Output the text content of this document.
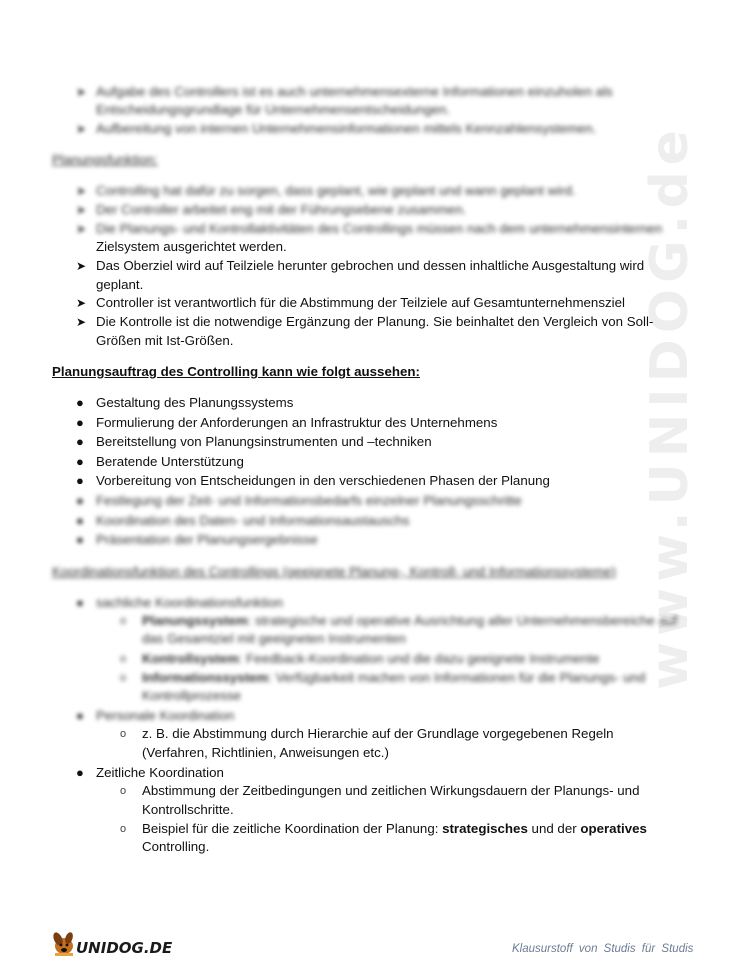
www.UNIDOG.de
➤ Aufgabe des Controllers ist es auch unternehmensexterne Informationen einzuholen als
Entscheidungsgrundlage für Unternehmensentscheidungen.
➤ Aufbereitung von internen Unternehmensinformationen mittels Kennzahlensystemen.
Planungsfunktion:
➤ Controlling hat dafür zu sorgen, dass geplant, wie geplant und wann geplant wird.
➤ Der Controller arbeitet eng mit der Führungsebene zusammen.
➤ Die Planungs- und Kontrollaktivitäten des Controllings müssen nach dem unternehmensinternen
Zielsystem ausgerichtet werden.
➤ Das Oberziel wird auf Teilziele herunter gebrochen und dessen inhaltliche Ausgestaltung wird
geplant.
➤ Controller ist verantwortlich für die Abstimmung der Teilziele auf Gesamtunternehmensziel
➤ Die Kontrolle ist die notwendige Ergänzung der Planung. Sie beinhaltet den Vergleich von Soll-
Größen mit Ist-Größen.
Planungsauftrag des Controlling kann wie folgt aussehen:
● Gestaltung des Planungssystems
● Formulierung der Anforderungen an Infrastruktur des Unternehmens
● Bereitstellung von Planungsinstrumenten und –techniken
● Beratende Unterstützung
● Vorbereitung von Entscheidungen in den verschiedenen Phasen der Planung
● Festlegung der Zeit- und Informationsbedarfs einzelner Planungsschritte
● Koordination des Daten- und Informationsaustauschs
● Präsentation der Planungsergebnisse
Koordinationsfunktion des Controllings (geeignete Planung-, Kontroll- und Informationssysteme)
● sachliche Koordinationsfunktion
o Planungssystem: strategische und operative Ausrichtung aller Unternehmensbereiche auf
das Gesamtziel mit geeigneten Instrumenten
o Kontrollsystem: Feedback-Koordination und die dazu geeignete Instrumente
o Informationssystem: Verfügbarkeit machen von Informationen für die Planungs- und
Kontrollprozesse
● Personale Koordination
o z. B. die Abstimmung durch Hierarchie auf der Grundlage vorgegebenen Regeln
(Verfahren, Richtlinien, Anweisungen etc.)
● Zeitliche Koordination
o Abstimmung der Zeitbedingungen und zeitlichen Wirkungsdauern der Planungs- und
Kontrollschritte.
o Beispiel für die zeitliche Koordination der Planung: strategisches und der operatives
Controlling.
UNIDOG.DE	Klausurstoff von Studis für Studis
